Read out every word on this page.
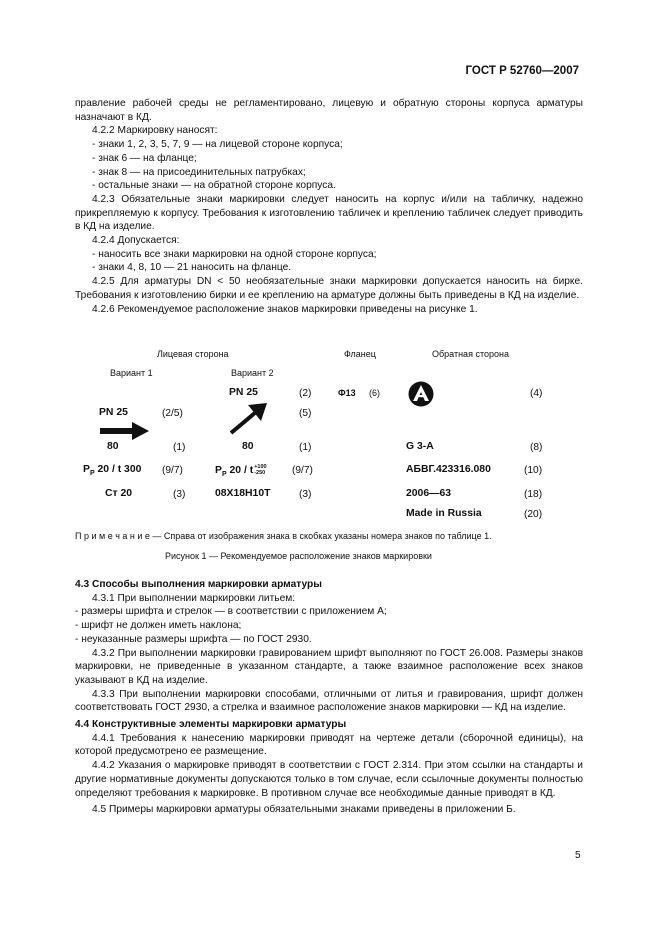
ГОСТ Р 52760—2007

правление рабочей среды не регламентировано, лицевую и обратную стороны корпуса арматуры назначают в КД.

4.2.2 Маркировку наносят:

- знаки 1, 2, 3, 5, 7, 9 — на лицевой стороне корпуса;

- знак 6 — на фланце;

- знак 8 — на присоединительных патрубках;

- остальные знаки — на обратной стороне корпуса.

4.2.3 Обязательные знаки маркировки следует наносить на корпус и/или на табличку, надежно прикрепляемую к корпусу. Требования к изготовлению табличек и креплению табличек следует приводить в КД на изделие.

4.2.4 Допускается:

- наносить все знаки маркировки на одной стороне корпуса;

- знаки 4, 8, 10 — 21 наносить на фланце.

4.2.5 Для арматуры DN < 50 необязательные знаки маркировки допускается наносить на бирке. Требования к изготовлению бирки и ее креплению на арматуре должны быть приведены в КД на изделие.

4.2.6 Рекомендуемое расположение знаков маркировки приведены на рисунке 1.

Лицевая сторона	Фланец	Обратная сторона
Вариант 1	Вариант 2
PN 25	(2/5)
80	(1)
$P_P$ 20 / t 300 (9/7)
Ст 20	(3)
PN 25	(2)
(5)
80	(1)
$P_P$ 20 / t +100
-250	(9/7)
08Х18Н10Т	(3)
Ф13 (6)	(4)
G 3-A	(8)
АБВГ.423316.080	(10)
2006—63	(18)
Made in Russia	(20)
П р и м е ч а н и е — Справа от изображения знака в скобках указаны номера знаков по таблице 1.
Рисунок 1 — Рекомендуемое расположение знаков маркировки

4.3 Способы выполнения маркировки арматуры

4.3.1 При выполнении маркировки литьем:

- размеры шрифта и стрелок — в соответствии с приложением А;

- шрифт не должен иметь наклона;

- неуказанные размеры шрифта — по ГОСТ 2930.

4.3.2 При выполнении маркировки гравированием шрифт выполняют по ГОСТ 26.008. Размеры знаков маркировки, не приведенные в указанном стандарте, а также взаимное расположение всех знаков указывают в КД на изделие.

4.3.3 При выполнении маркировки способами, отличными от литья и гравирования, шрифт должен соответствовать ГОСТ 2930, а стрелка и взаимное расположение знаков маркировки — КД на изделие.

4.4 Конструктивные элементы маркировки арматуры

4.4.1 Требования к нанесению маркировки приводят на чертеже детали (сборочной единицы), на которой предусмотрено ее размещение.

4.4.2 Указания о маркировке приводят в соответствии с ГОСТ 2.314. При этом ссылки на стандарты и другие нормативные документы допускаются только в том случае, если ссылочные документы полностью определяют требования к маркировке. В противном случае все необходимые данные приводят в КД.

4.5 Примеры маркировки арматуры обязательными знаками приведены в приложении Б.

5
